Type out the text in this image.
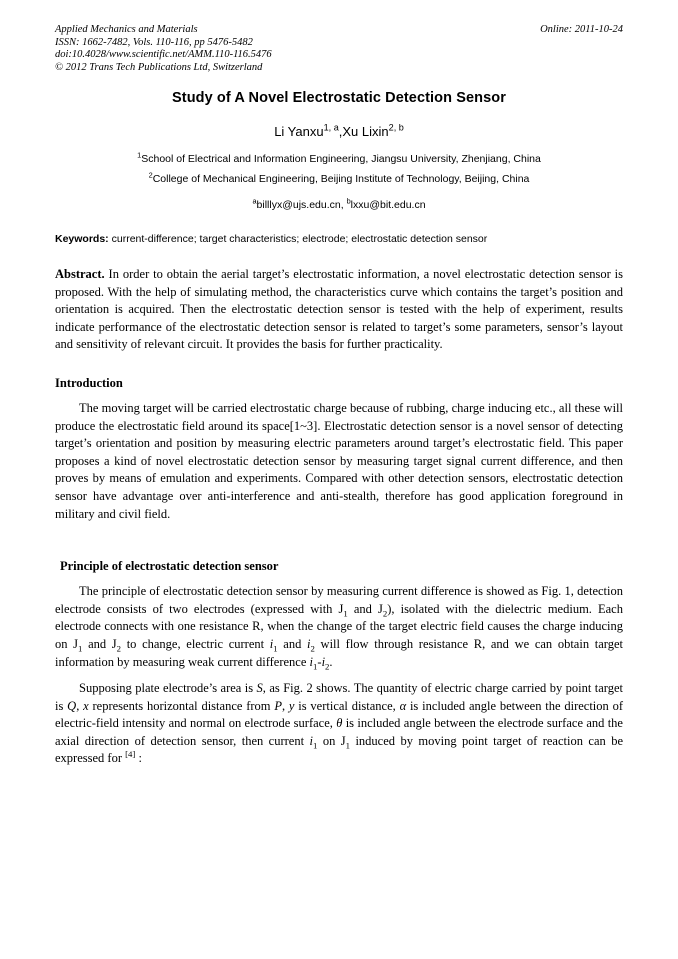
Applied Mechanics and Materials
ISSN: 1662-7482, Vols. 110-116, pp 5476-5482
doi:10.4028/www.scientific.net/AMM.110-116.5476
© 2012 Trans Tech Publications Ltd, Switzerland
Online: 2011-10-24
Study of A Novel Electrostatic Detection Sensor
Li Yanxu$^{1, a}$,Xu Lixin$^{2, b}$
$^1$School of Electrical and Information Engineering, Jiangsu University, Zhenjiang, China
$^2$College of Mechanical Engineering, Beijing Institute of Technology, Beijing, China
$^a$billlyx@ujs.edu.cn, $^b$lxxu@bit.edu.cn
Keywords: current-difference; target characteristics; electrode; electrostatic detection sensor
Abstract. In order to obtain the aerial target’s electrostatic information, a novel electrostatic detection sensor is proposed. With the help of simulating method, the characteristics curve which contains the target’s position and orientation is acquired. Then the electrostatic detection sensor is tested with the help of experiment, results indicate performance of the electrostatic detection sensor is related to target’s some parameters, sensor’s layout and sensitivity of relevant circuit. It provides the basis for further practicality.
Introduction

The moving target will be carried electrostatic charge because of rubbing, charge inducing etc., all these will produce the electrostatic field around its space[1~3]. Electrostatic detection sensor is a novel sensor of detecting target’s orientation and position by measuring electric parameters around target’s electrostatic field. This paper proposes a kind of novel electrostatic detection sensor by measuring target signal current difference, and then proves by means of emulation and experiments. Compared with other detection sensors, electrostatic detection sensor have advantage over anti-interference and anti-stealth, therefore has good application foreground in military and civil field.

Principle of electrostatic detection sensor

The principle of electrostatic detection sensor by measuring current difference is showed as Fig. 1, detection electrode consists of two electrodes (expressed with $J_1$ and $J_2$), isolated with the dielectric medium. Each electrode connects with one resistance R, when the change of the target electric field causes the charge inducing on $J_1$ and $J_2$ to change, electric current $i_1$ and $i_2$ will flow through resistance R, and we can obtain target information by measuring weak current difference $i_1-i_2$.

Supposing plate electrode’s area is S, as Fig. 2 shows. The quantity of electric charge carried by point target is Q, x represents horizontal distance from P, y is vertical distance, α is included angle between the direction of electric-field intensity and normal on electrode surface, θ is included angle between the electrode surface and the axial direction of detection sensor, then current $i_1$ on $J_1$ induced by moving point target of reaction can be expressed for [4] :
